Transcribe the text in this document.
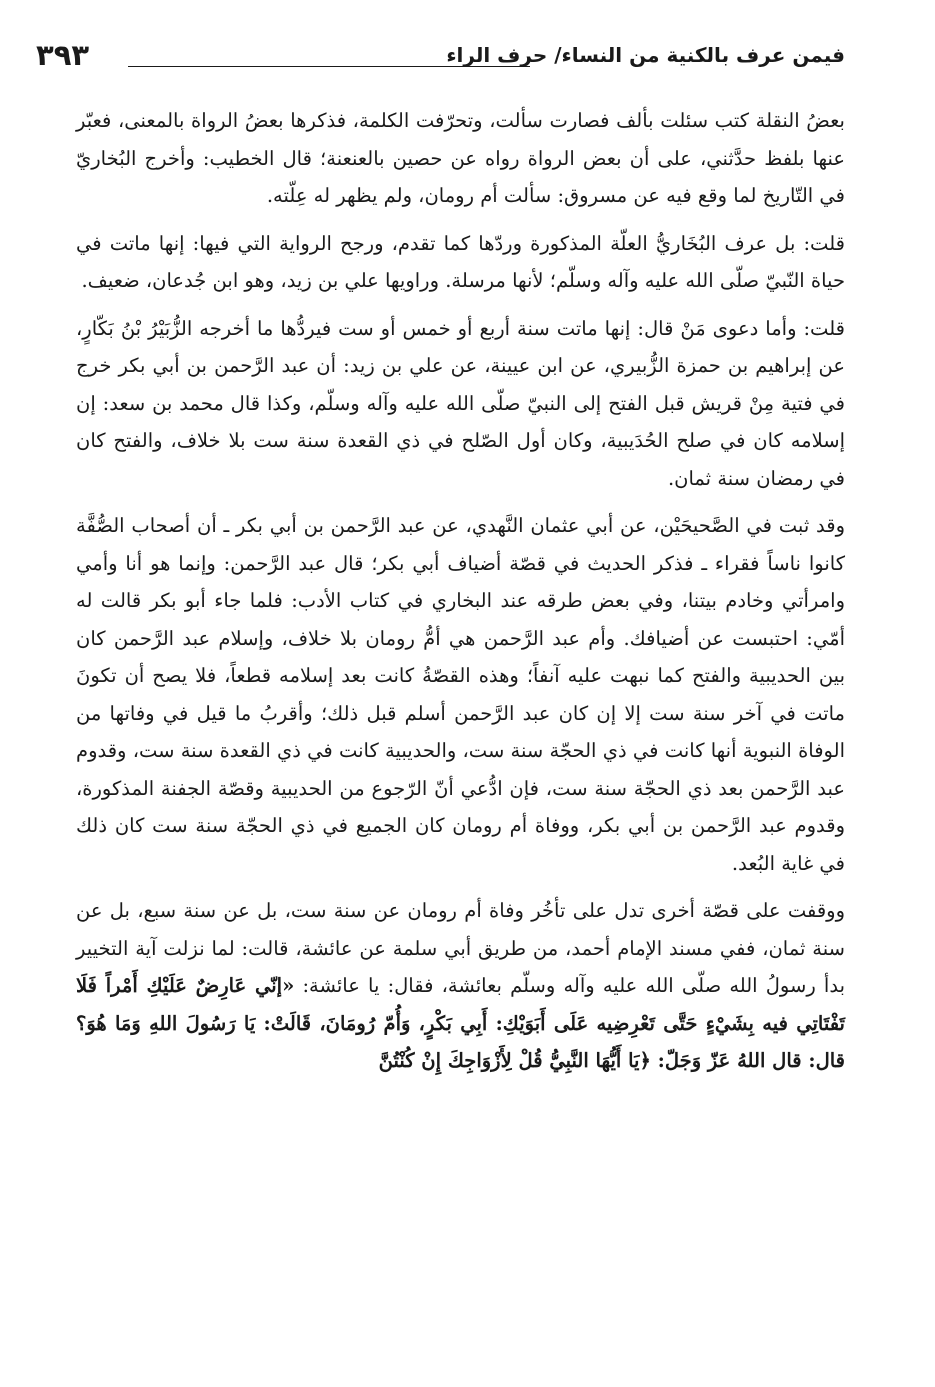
٣٩٣	فيمن عرف بالكنية من النساء/ حرف الراء

بعضُ النقلة كتب سئلت بألف فصارت سألت، وتحرّفت الكلمة، فذكرها بعضُ الرواة بالمعنى، فعبّر عنها بلفظ حدَّثني، على أن بعض الرواة رواه عن حصين بالعنعنة؛ قال الخطيب: وأخرج البُخاريّ في التّاريخ لما وقع فيه عن مسروق: سألت أم رومان، ولم يظهر له عِلّته.

قلت: بل عرف البُخَاريُّ العلّة المذكورة وردّها كما تقدم، ورجح الرواية التي فيها: إنها ماتت في حياة النّبيّ صلّى الله عليه وآله وسلّم؛ لأنها مرسلة. وراويها علي بن زيد، وهو ابن جُدعان، ضعيف.

قلت: وأما دعوى مَنْ قال: إنها ماتت سنة أربع أو خمس أو ست فيردُّها ما أخرجه الزُّبَيْرُ بْنُ بَكّارٍ، عن إبراهيم بن حمزة الزُّبيري، عن ابن عيينة، عن علي بن زيد: أن عبد الرَّحمن بن أبي بكر خرج في فتية مِنْ قريش قبل الفتح إلى النبيّ صلّى الله عليه وآله وسلّم، وكذا قال محمد بن سعد: إن إسلامه كان في صلح الحُدَيبية، وكان أول الصّلح في ذي القعدة سنة ست بلا خلاف، والفتح كان في رمضان سنة ثمان.

وقد ثبت في الصَّحيحَيْن، عن أبي عثمان النَّهدي، عن عبد الرَّحمن بن أبي بكر ـ أن أصحاب الصُّفَّة كانوا ناساً فقراء ـ فذكر الحديث في قصّة أضياف أبي بكر؛ قال عبد الرَّحمن: وإنما هو أنا وأمي وامرأتي وخادم بيتنا، وفي بعض طرقه عند البخاري في كتاب الأدب: فلما جاء أبو بكر قالت له أمّي: احتبست عن أضيافك. وأم عبد الرَّحمن هي أمُّ رومان بلا خلاف، وإسلام عبد الرَّحمن كان بين الحديبية والفتح كما نبهت عليه آنفاً؛ وهذه القصّةُ كانت بعد إسلامه قطعاً، فلا يصح أن تكونَ ماتت في آخر سنة ست إلا إن كان عبد الرَّحمن أسلم قبل ذلك؛ وأقربُ ما قيل في وفاتها من الوفاة النبوية أنها كانت في ذي الحجّة سنة ست، والحديبية كانت في ذي القعدة سنة ست، وقدوم عبد الرَّحمن بعد ذي الحجّة سنة ست، فإن ادُّعي أنّ الرّجوع من الحديبية وقصّة الجفنة المذكورة، وقدوم عبد الرَّحمن بن أبي بكر، ووفاة أم رومان كان الجميع في ذي الحجّة سنة ست كان ذلك في غاية البُعد.

ووقفت على قصّة أخرى تدل على تأخُر وفاة أم رومان عن سنة ست، بل عن سنة سبع، بل عن سنة ثمان، ففي مسند الإمام أحمد، من طريق أبي سلمة عن عائشة، قالت: لما نزلت آية التخيير بدأ رسولُ الله صلّى الله عليه وآله وسلّم بعائشة، فقال: يا عائشة: «إنّي عَارِضٌ عَلَيْكِ أَمْراً فَلَا تَفْتَاتِي فيه بِشَيْءٍ حَتَّى تَعْرِضِيه عَلَى أَبَوَيْكِ: أَبِي بَكْرٍ، وَأُمّ رُومَانَ، قَالَتْ: يَا رَسُولَ اللهِ وَمَا هُوَ؟ قال: قال اللهُ عَزّ وَجَلّ: ﴿يَا أَيُّهَا النَّبِيُّ قُلْ لِأَزْوَاجِكَ إِنْ كُنْتُنَّ
